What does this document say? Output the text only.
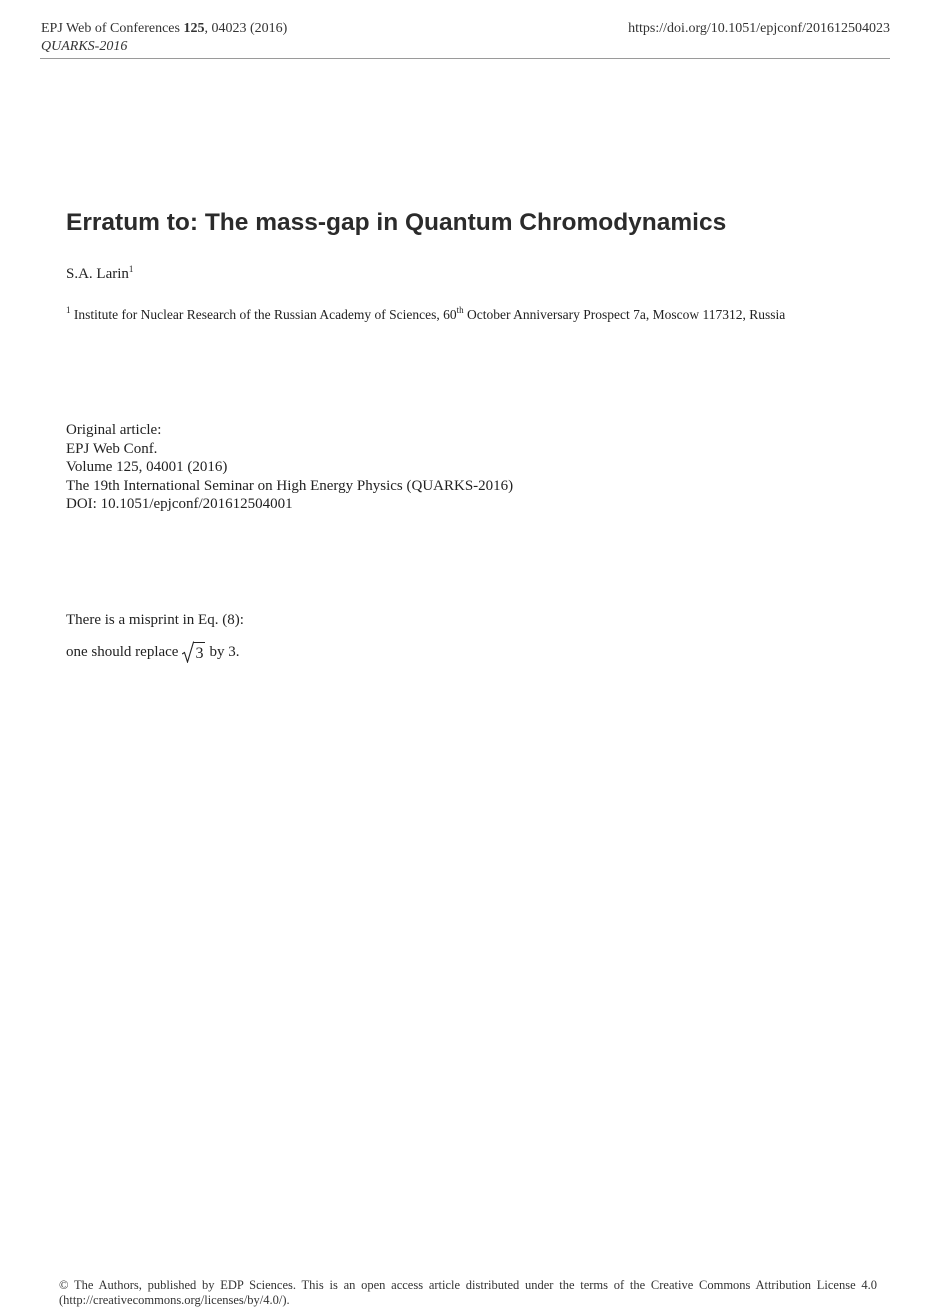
EPJ Web of Conferences 125, 04023 (2016)
QUARKS-2016
https://doi.org/10.1051/epjconf/201612504023
Erratum to: The mass-gap in Quantum Chromodynamics
S.A. Larin$^1$
$^1$ Institute for Nuclear Research of the Russian Academy of Sciences, 60th October Anniversary Prospect 7a, Moscow 117312, Russia
Original article:
EPJ Web Conf.
Volume 125, 04001 (2016)
The 19th International Seminar on High Energy Physics (QUARKS-2016)
DOI: 10.1051/epjconf/201612504001
There is a misprint in Eq. (8):
one should replace 3 by 3.
© The Authors, published by EDP Sciences. This is an open access article distributed under the terms of the Creative Commons Attribution License 4.0
(http://creativecommons.org/licenses/by/4.0/).
